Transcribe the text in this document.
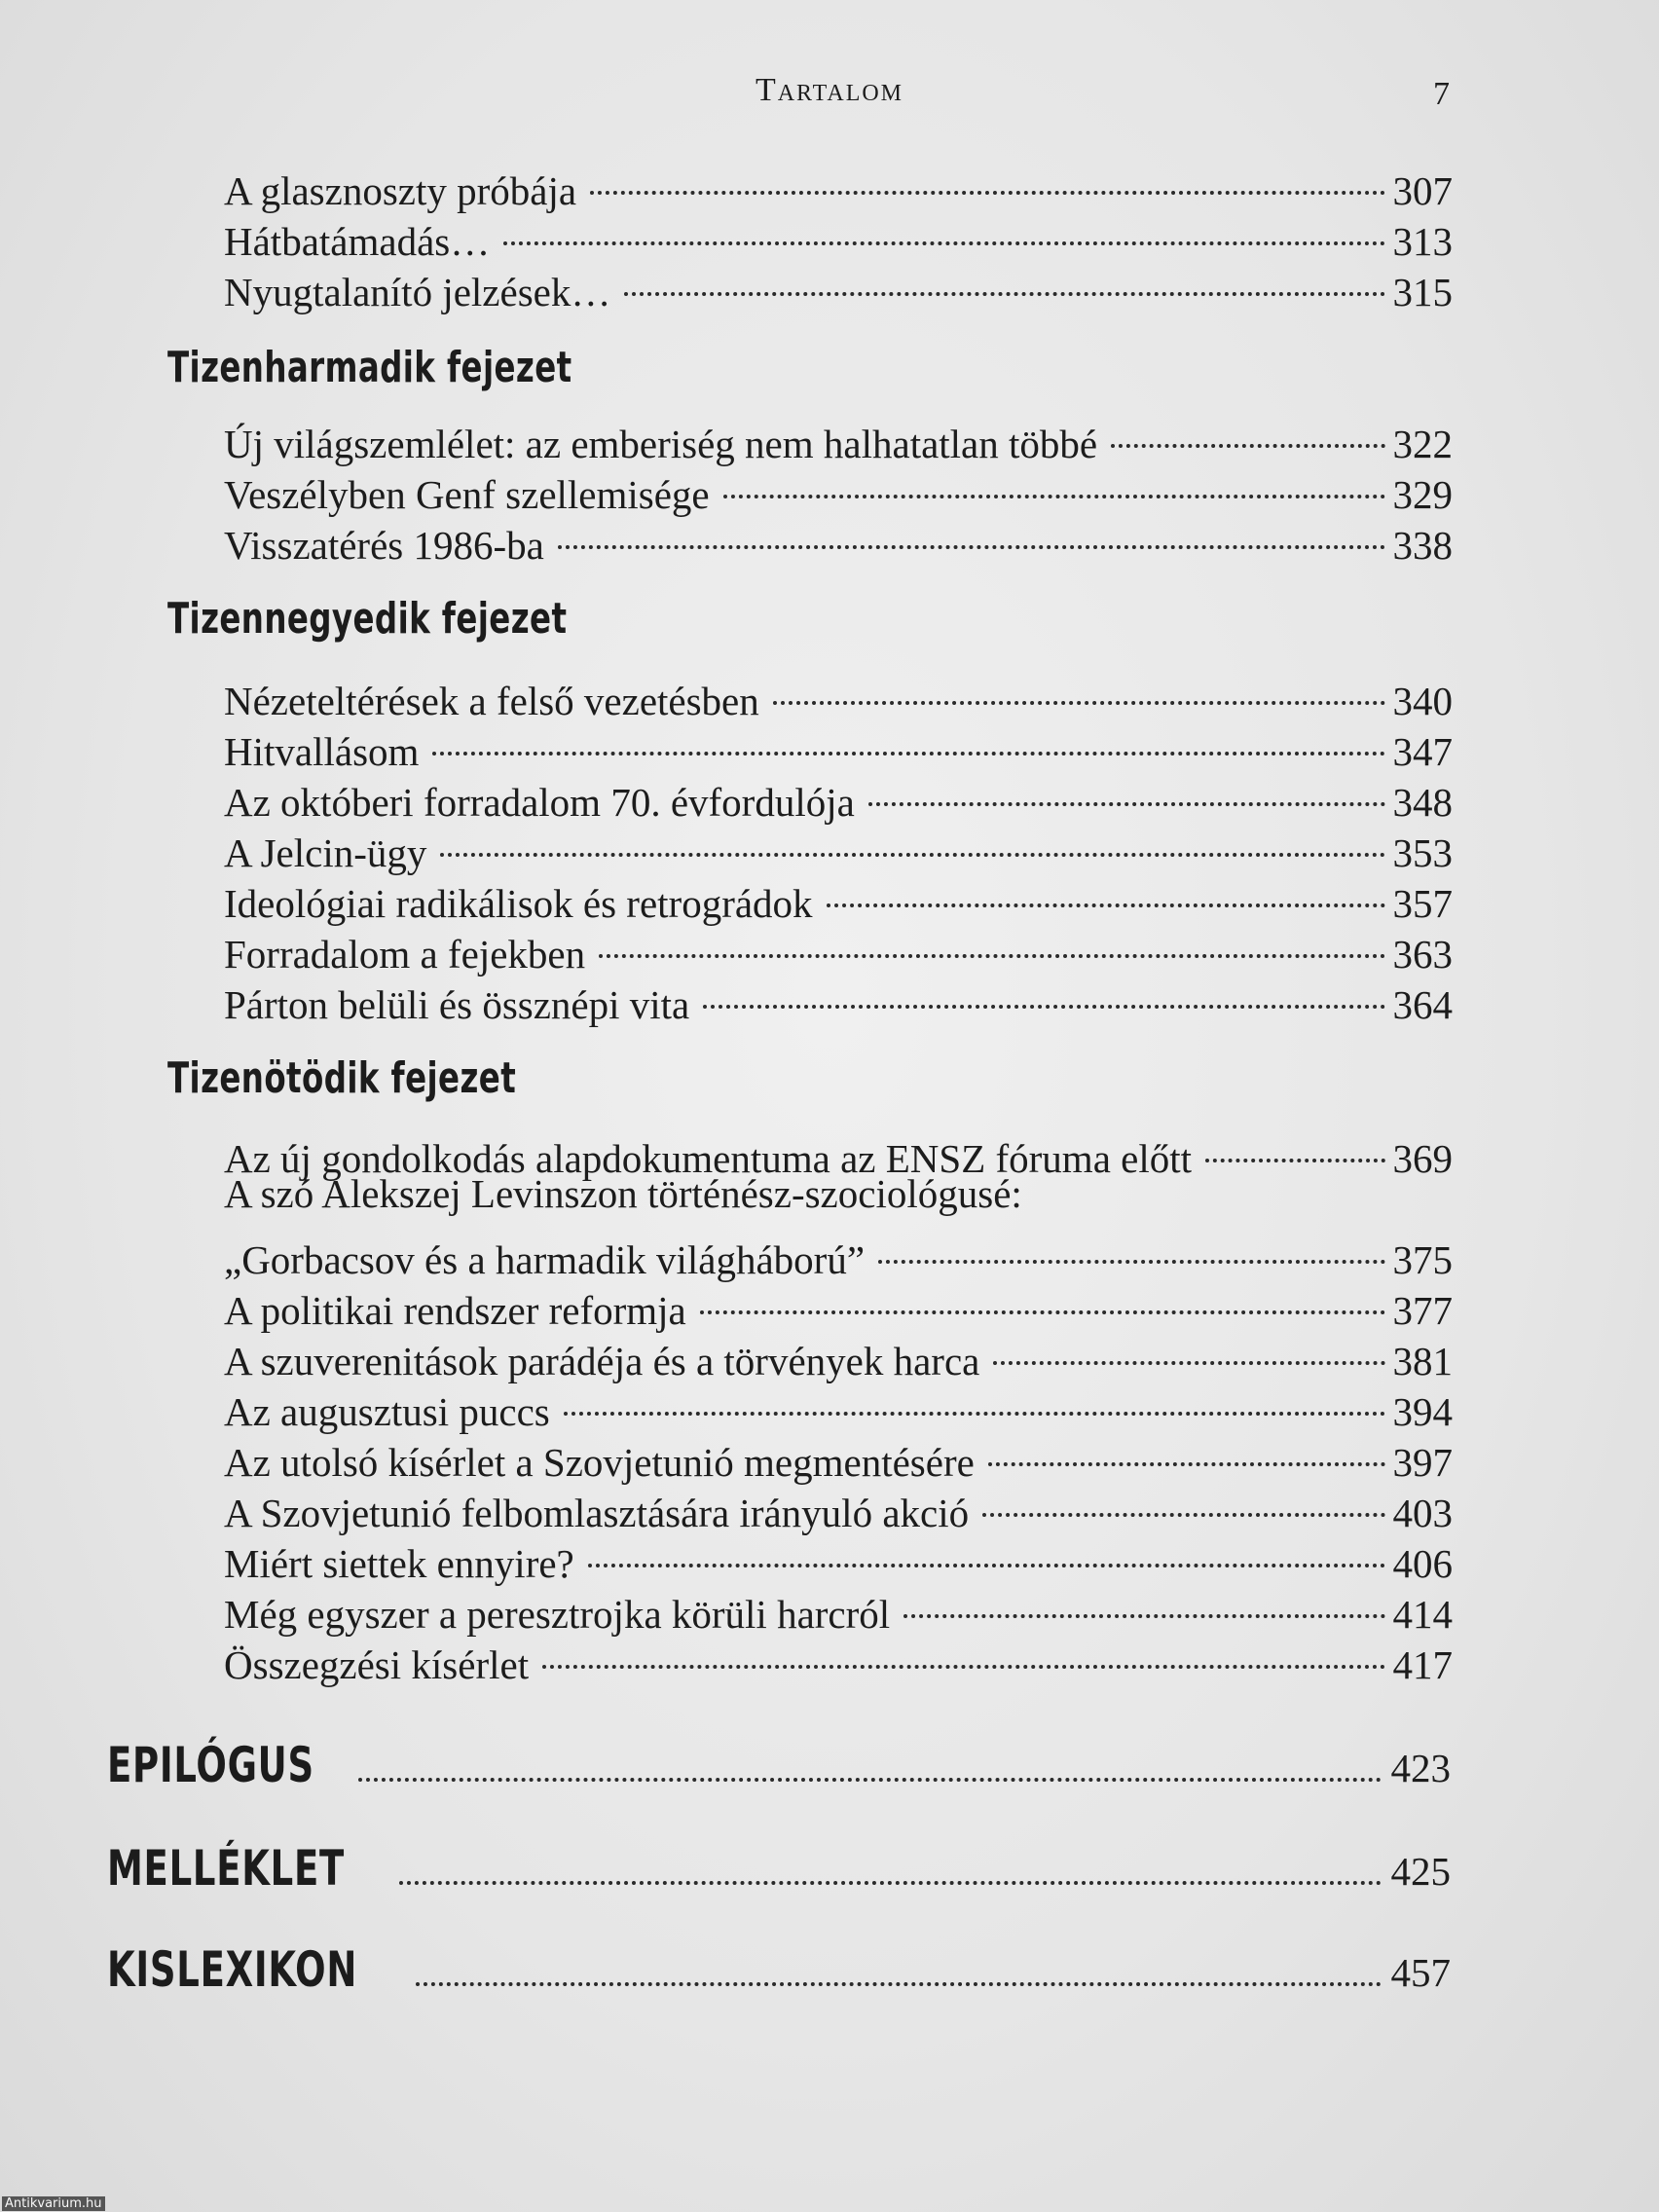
Tartalom	7
A glasznoszty próbája	307
Hátbatámadás…	313
Nyugtalanító jelzések…	315
Tizenharmadik fejezet
Új világszemlélet: az emberiség nem halhatatlan többé	322
Veszélyben Genf szellemisége	329
Visszatérés 1986-ba	338
Tizennegyedik fejezet
Nézeteltérések a felső vezetésben	340
Hitvallásom	347
Az októberi forradalom 70. évfordulója	348
A Jelcin-ügy	353
Ideológiai radikálisok és retrográdok	357
Forradalom a fejekben	363
Párton belüli és össznépi vita	364
Tizenötödik fejezet
Az új gondolkodás alapdokumentuma az ENSZ fóruma előtt	369
A szó Alekszej Levinszon történész-szociológusé:
„Gorbacsov és a harmadik világháború”	375
A politikai rendszer reformja	377
A szuverenitások parádéja és a törvények harca	381
Az augusztusi puccs	394
Az utolsó kísérlet a Szovjetunió megmentésére	397
A Szovjetunió felbomlasztására irányuló akció	403
Miért siettek ennyire?	406
Még egyszer a peresztrojka körüli harcról	414
Összegzési kísérlet	417
EPILÓGUS	423
MELLÉKLET	425
KISLEXIKON	457
Antikvarium.hu
